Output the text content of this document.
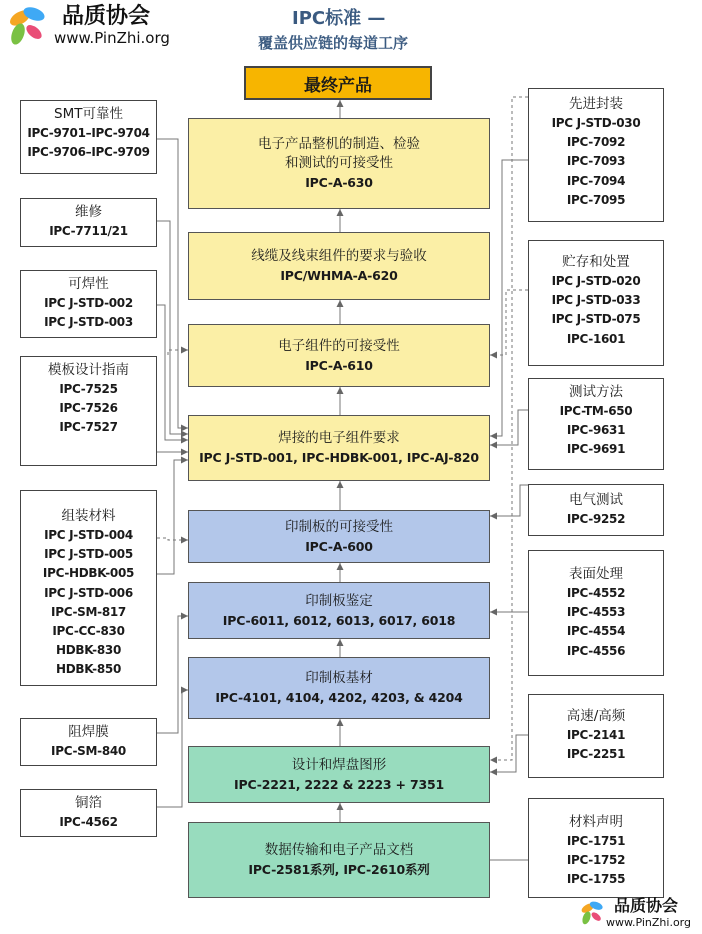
品质协会
www.PinZhi.org
IPC标准 —
覆盖供应链的每道工序
最终产品
电子产品整机的制造、检验
和测试的可接受性
IPC-A-630
线缆及线束组件的要求与验收
IPC/WHMA-A-620
电子组件的可接受性
IPC-A-610
焊接的电子组件要求
IPC J-STD-001, IPC-HDBK-001, IPC-AJ-820
印制板的可接受性
IPC-A-600
印制板鉴定
IPC-6011, 6012, 6013, 6017, 6018
印制板基材
IPC-4101, 4104, 4202, 4203, & 4204
设计和焊盘图形
IPC-2221, 2222 & 2223 + 7351
数据传输和电子产品文档
IPC-2581系列, IPC-2610系列
SMT可靠性
IPC-9701–IPC-9704
IPC-9706–IPC-9709
维修
IPC-7711/21
可焊性
IPC J-STD-002
IPC J-STD-003
模板设计指南
IPC-7525
IPC-7526
IPC-7527
组装材料
IPC J-STD-004
IPC J-STD-005
IPC-HDBK-005
IPC J-STD-006
IPC-SM-817
IPC-CC-830
HDBK-830
HDBK-850
阻焊膜
IPC-SM-840
铜箔
IPC-4562
先进封装
IPC J-STD-030
IPC-7092
IPC-7093
IPC-7094
IPC-7095
贮存和处置
IPC J-STD-020
IPC J-STD-033
IPC J-STD-075
IPC-1601
测试方法
IPC-TM-650
IPC-9631
IPC-9691
电气测试
IPC-9252
表面处理
IPC-4552
IPC-4553
IPC-4554
IPC-4556
高速/高频
IPC-2141
IPC-2251
材料声明
IPC-1751
IPC-1752
IPC-1755
品质协会
www.PinZhi.org
